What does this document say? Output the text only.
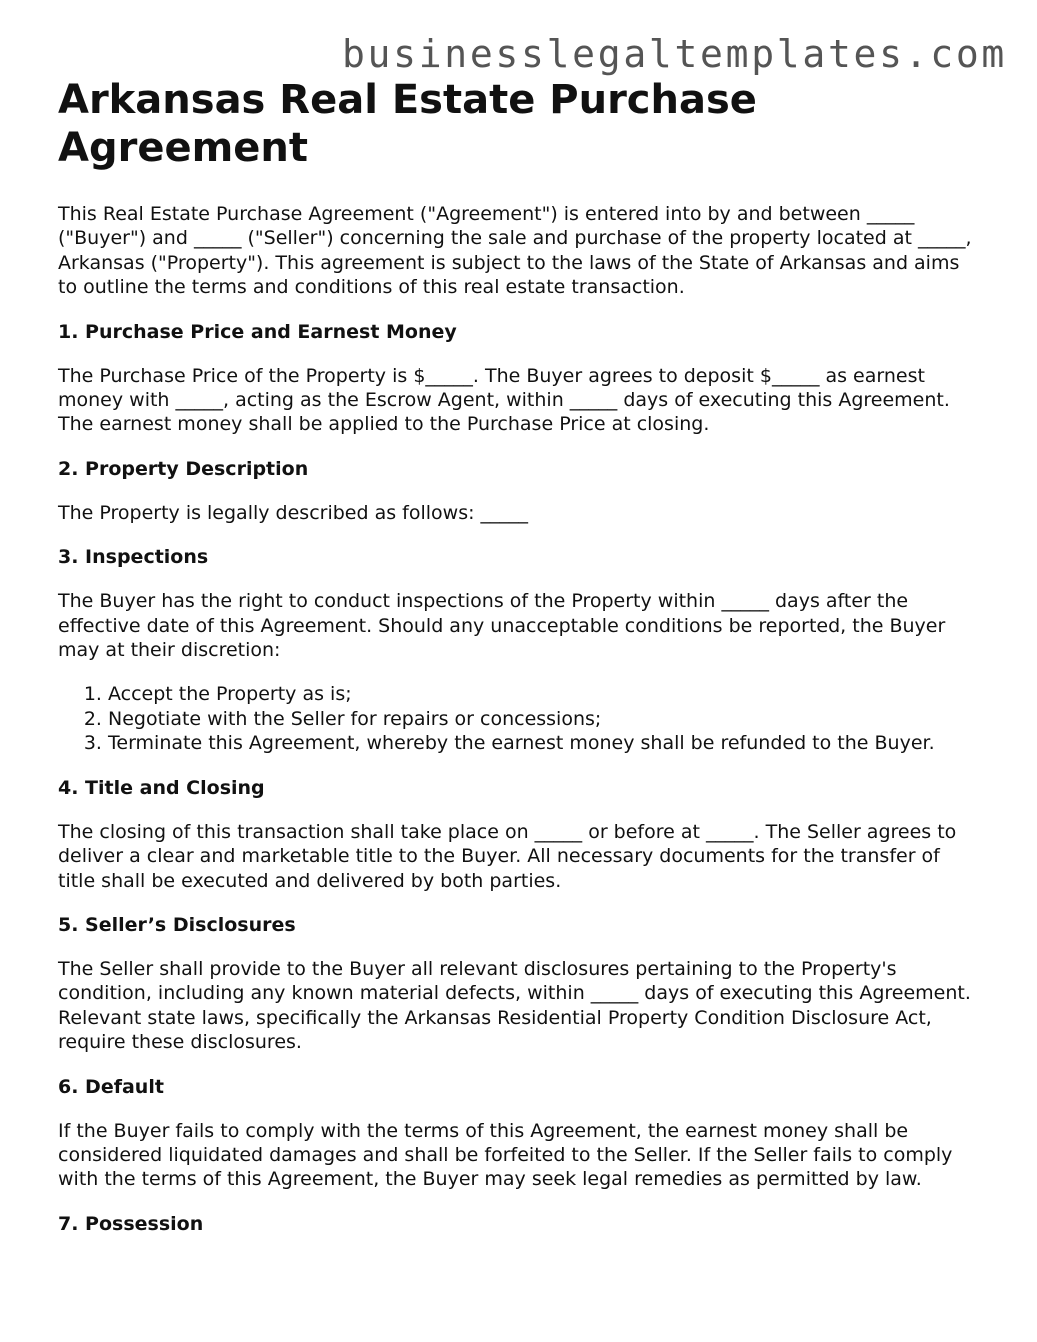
businesslegaltemplates.com
Arkansas Real Estate Purchase Agreement
This Real Estate Purchase Agreement ("Agreement") is entered into by and between _____ ("Buyer") and _____ ("Seller") concerning the sale and purchase of the property located at _____, Arkansas ("Property"). This agreement is subject to the laws of the State of Arkansas and aims to outline the terms and conditions of this real estate transaction.
1. Purchase Price and Earnest Money

The Purchase Price of the Property is $_____. The Buyer agrees to deposit $_____ as earnest money with _____, acting as the Escrow Agent, within _____ days of executing this Agreement. The earnest money shall be applied to the Purchase Price at closing.

2. Property Description

The Property is legally described as follows: _____

3. Inspections

The Buyer has the right to conduct inspections of the Property within _____ days after the effective date of this Agreement. Should any unacceptable conditions be reported, the Buyer may at their discretion:

1. Accept the Property as is;
2. Negotiate with the Seller for repairs or concessions;
3. Terminate this Agreement, whereby the earnest money shall be refunded to the Buyer.
4. Title and Closing

The closing of this transaction shall take place on _____ or before at _____. The Seller agrees to deliver a clear and marketable title to the Buyer. All necessary documents for the transfer of title shall be executed and delivered by both parties.

5. Seller’s Disclosures

The Seller shall provide to the Buyer all relevant disclosures pertaining to the Property's condition, including any known material defects, within _____ days of executing this Agreement. Relevant state laws, specifically the Arkansas Residential Property Condition Disclosure Act, require these disclosures.

6. Default

If the Buyer fails to comply with the terms of this Agreement, the earnest money shall be considered liquidated damages and shall be forfeited to the Seller. If the Seller fails to comply with the terms of this Agreement, the Buyer may seek legal remedies as permitted by law.

7. Possession
